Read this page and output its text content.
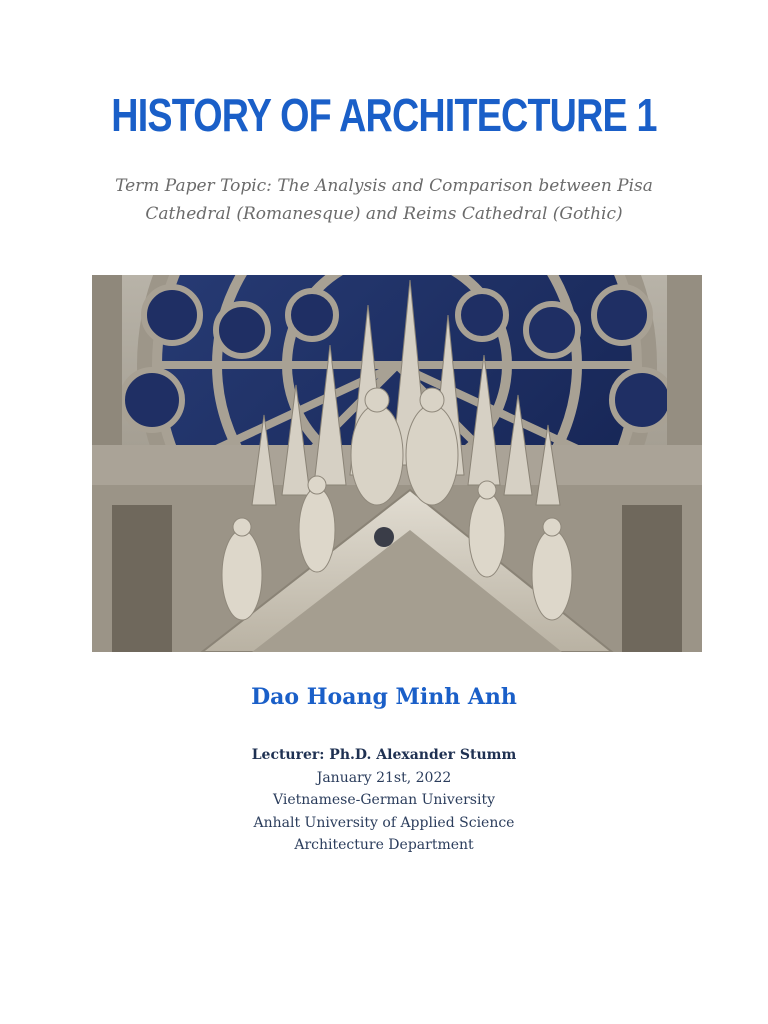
HISTORY OF ARCHITECTURE 1
Term Paper Topic: The Analysis and Comparison between Pisa Cathedral (Romanesque) and Reims Cathedral (Gothic)
Dao Hoang Minh Anh
Lecturer: Ph.D. Alexander Stumm
January 21st, 2022
Vietnamese-German University
Anhalt University of Applied Science
Architecture Department
